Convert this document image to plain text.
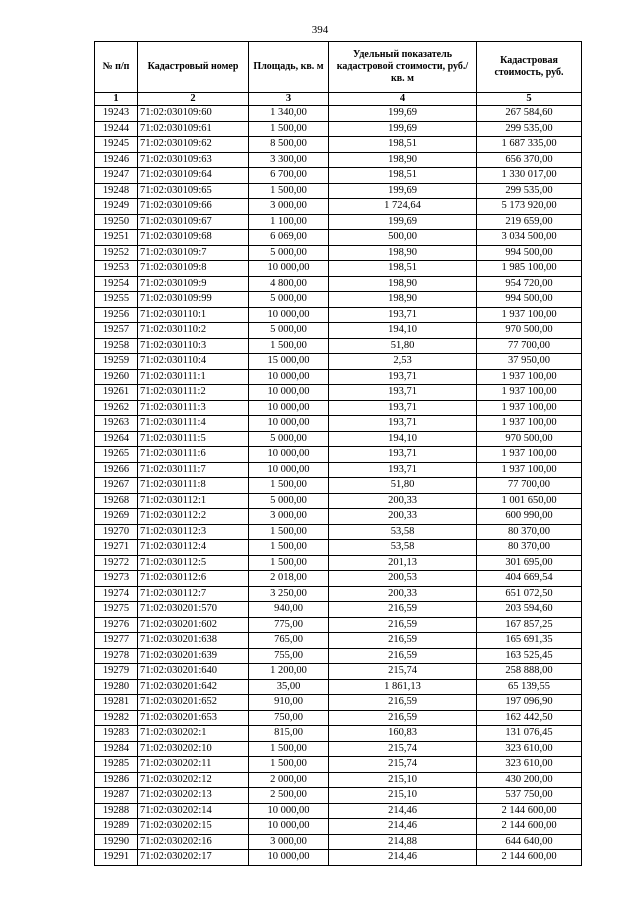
394
№ п/п	Кадастровый номер	Площадь, кв. м	Удельный показатель кадастровой стоимости, руб./кв. м	Кадастровая стоимость, руб.
1	2	3	4	5
19243	71:02:030109:60	1 340,00	199,69	267 584,60
19244	71:02:030109:61	1 500,00	199,69	299 535,00
19245	71:02:030109:62	8 500,00	198,51	1 687 335,00
19246	71:02:030109:63	3 300,00	198,90	656 370,00
19247	71:02:030109:64	6 700,00	198,51	1 330 017,00
19248	71:02:030109:65	1 500,00	199,69	299 535,00
19249	71:02:030109:66	3 000,00	1 724,64	5 173 920,00
19250	71:02:030109:67	1 100,00	199,69	219 659,00
19251	71:02:030109:68	6 069,00	500,00	3 034 500,00
19252	71:02:030109:7	5 000,00	198,90	994 500,00
19253	71:02:030109:8	10 000,00	198,51	1 985 100,00
19254	71:02:030109:9	4 800,00	198,90	954 720,00
19255	71:02:030109:99	5 000,00	198,90	994 500,00
19256	71:02:030110:1	10 000,00	193,71	1 937 100,00
19257	71:02:030110:2	5 000,00	194,10	970 500,00
19258	71:02:030110:3	1 500,00	51,80	77 700,00
19259	71:02:030110:4	15 000,00	2,53	37 950,00
19260	71:02:030111:1	10 000,00	193,71	1 937 100,00
19261	71:02:030111:2	10 000,00	193,71	1 937 100,00
19262	71:02:030111:3	10 000,00	193,71	1 937 100,00
19263	71:02:030111:4	10 000,00	193,71	1 937 100,00
19264	71:02:030111:5	5 000,00	194,10	970 500,00
19265	71:02:030111:6	10 000,00	193,71	1 937 100,00
19266	71:02:030111:7	10 000,00	193,71	1 937 100,00
19267	71:02:030111:8	1 500,00	51,80	77 700,00
19268	71:02:030112:1	5 000,00	200,33	1 001 650,00
19269	71:02:030112:2	3 000,00	200,33	600 990,00
19270	71:02:030112:3	1 500,00	53,58	80 370,00
19271	71:02:030112:4	1 500,00	53,58	80 370,00
19272	71:02:030112:5	1 500,00	201,13	301 695,00
19273	71:02:030112:6	2 018,00	200,53	404 669,54
19274	71:02:030112:7	3 250,00	200,33	651 072,50
19275	71:02:030201:570	940,00	216,59	203 594,60
19276	71:02:030201:602	775,00	216,59	167 857,25
19277	71:02:030201:638	765,00	216,59	165 691,35
19278	71:02:030201:639	755,00	216,59	163 525,45
19279	71:02:030201:640	1 200,00	215,74	258 888,00
19280	71:02:030201:642	35,00	1 861,13	65 139,55
19281	71:02:030201:652	910,00	216,59	197 096,90
19282	71:02:030201:653	750,00	216,59	162 442,50
19283	71:02:030202:1	815,00	160,83	131 076,45
19284	71:02:030202:10	1 500,00	215,74	323 610,00
19285	71:02:030202:11	1 500,00	215,74	323 610,00
19286	71:02:030202:12	2 000,00	215,10	430 200,00
19287	71:02:030202:13	2 500,00	215,10	537 750,00
19288	71:02:030202:14	10 000,00	214,46	2 144 600,00
19289	71:02:030202:15	10 000,00	214,46	2 144 600,00
19290	71:02:030202:16	3 000,00	214,88	644 640,00
19291	71:02:030202:17	10 000,00	214,46	2 144 600,00
